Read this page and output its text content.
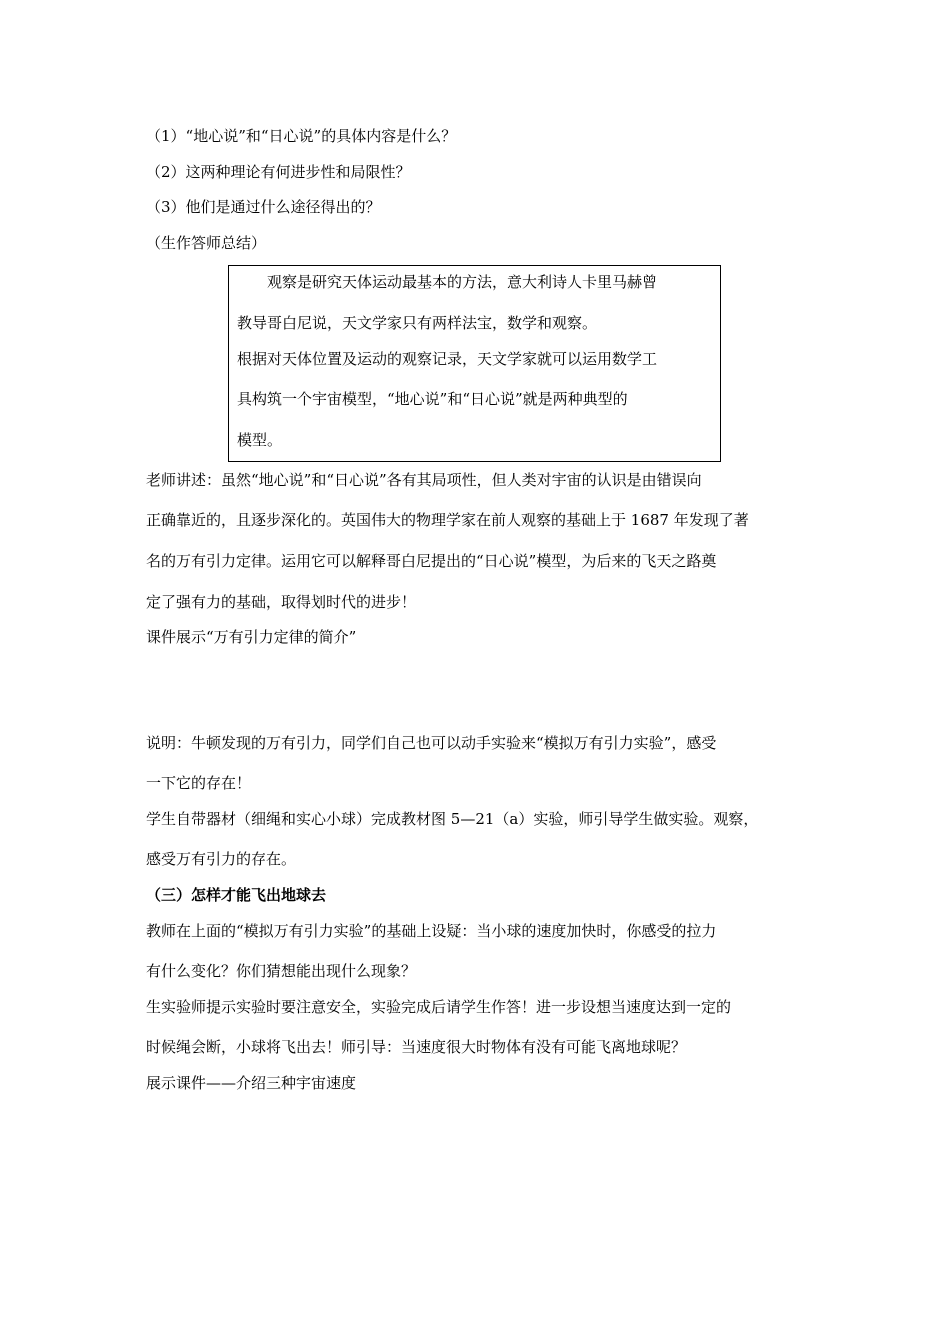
（1）“地心说”和“日心说”的具体内容是什么？

（2）这两种理论有何进步性和局限性？

（3）他们是通过什么途径得出的？

（生作答师总结）

观察是研究天体运动最基本的方法，意大利诗人卡里马赫曾

教导哥白尼说，天文学家只有两样法宝，数学和观察。

根据对天体位置及运动的观察记录，天文学家就可以运用数学工

具构筑一个宇宙模型，“地心说”和“日心说”就是两种典型的

模型。

老师讲述：虽然“地心说”和“日心说”各有其局项性，但人类对宇宙的认识是由错误向

正确靠近的，且逐步深化的。英国伟大的物理学家在前人观察的基础上于 1687 年发现了著

名的万有引力定律。运用它可以解释哥白尼提出的“日心说”模型，为后来的飞天之路奠

定了强有力的基础，取得划时代的进步！

课件展示“万有引力定律的简介”

说明：牛顿发现的万有引力，同学们自己也可以动手实验来“模拟万有引力实验”，感受

一下它的存在！

学生自带器材（细绳和实心小球）完成教材图 5—21（a）实验，师引导学生做实验。观察，

感受万有引力的存在。

（三）怎样才能飞出地球去

教师在上面的“模拟万有引力实验”的基础上设疑：当小球的速度加快时，你感受的拉力

有什么变化？你们猜想能出现什么现象？

生实验师提示实验时要注意安全，实验完成后请学生作答！进一步设想当速度达到一定的

时候绳会断，小球将飞出去！师引导：当速度很大时物体有没有可能飞离地球呢？

展示课件——介绍三种宇宙速度
